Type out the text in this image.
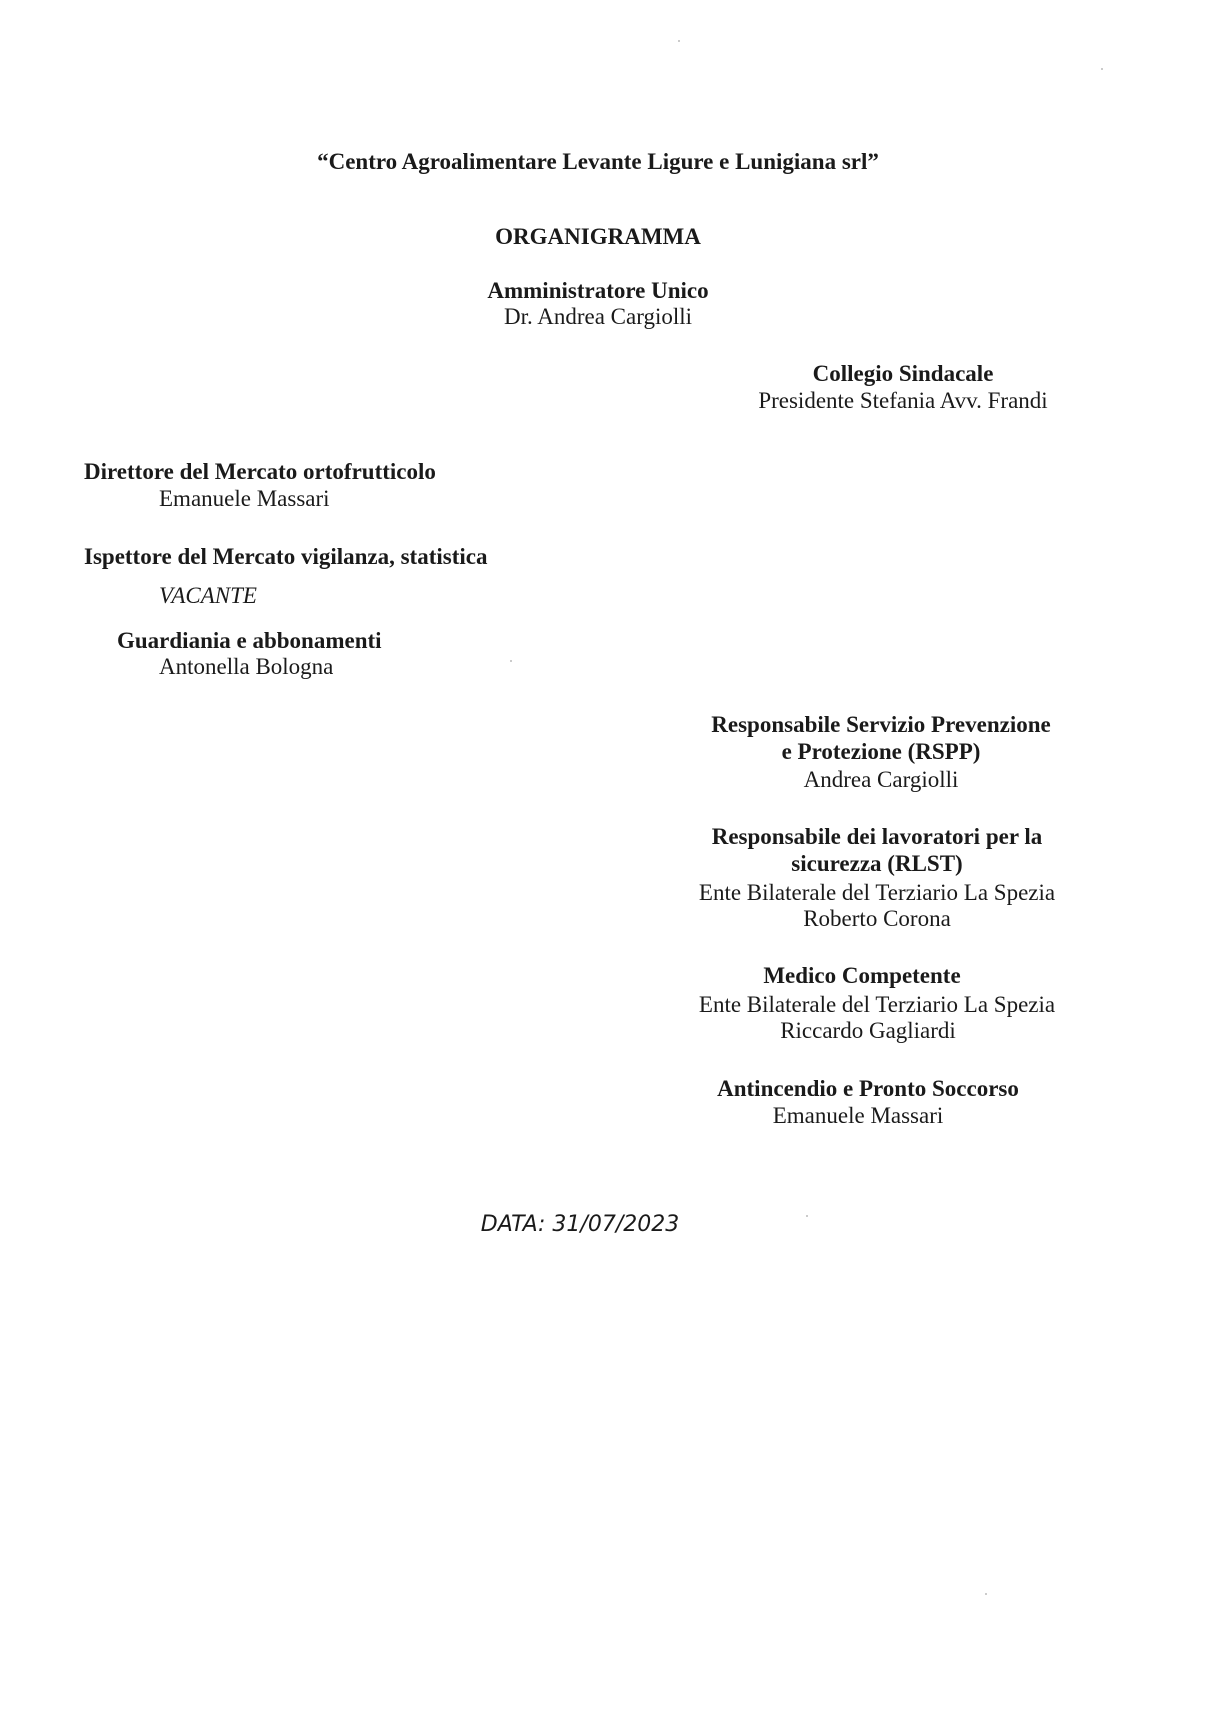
“Centro Agroalimentare Levante Ligure e Lunigiana srl”
ORGANIGRAMMA
Amministratore Unico
Dr. Andrea Cargiolli
Collegio Sindacale
Presidente Stefania Avv. Frandi
Direttore del Mercato ortofrutticolo
Emanuele Massari
Ispettore del Mercato vigilanza, statistica
VACANTE
Guardiania e abbonamenti
Antonella Bologna
Responsabile Servizio Prevenzione
e Protezione (RSPP)
Andrea Cargiolli
Responsabile dei lavoratori per la
sicurezza (RLST)
Ente Bilaterale del Terziario La Spezia
Roberto Corona
Medico Competente
Ente Bilaterale del Terziario La Spezia
Riccardo Gagliardi
Antincendio e Pronto Soccorso
Emanuele Massari
DATA: 31/07/2023
